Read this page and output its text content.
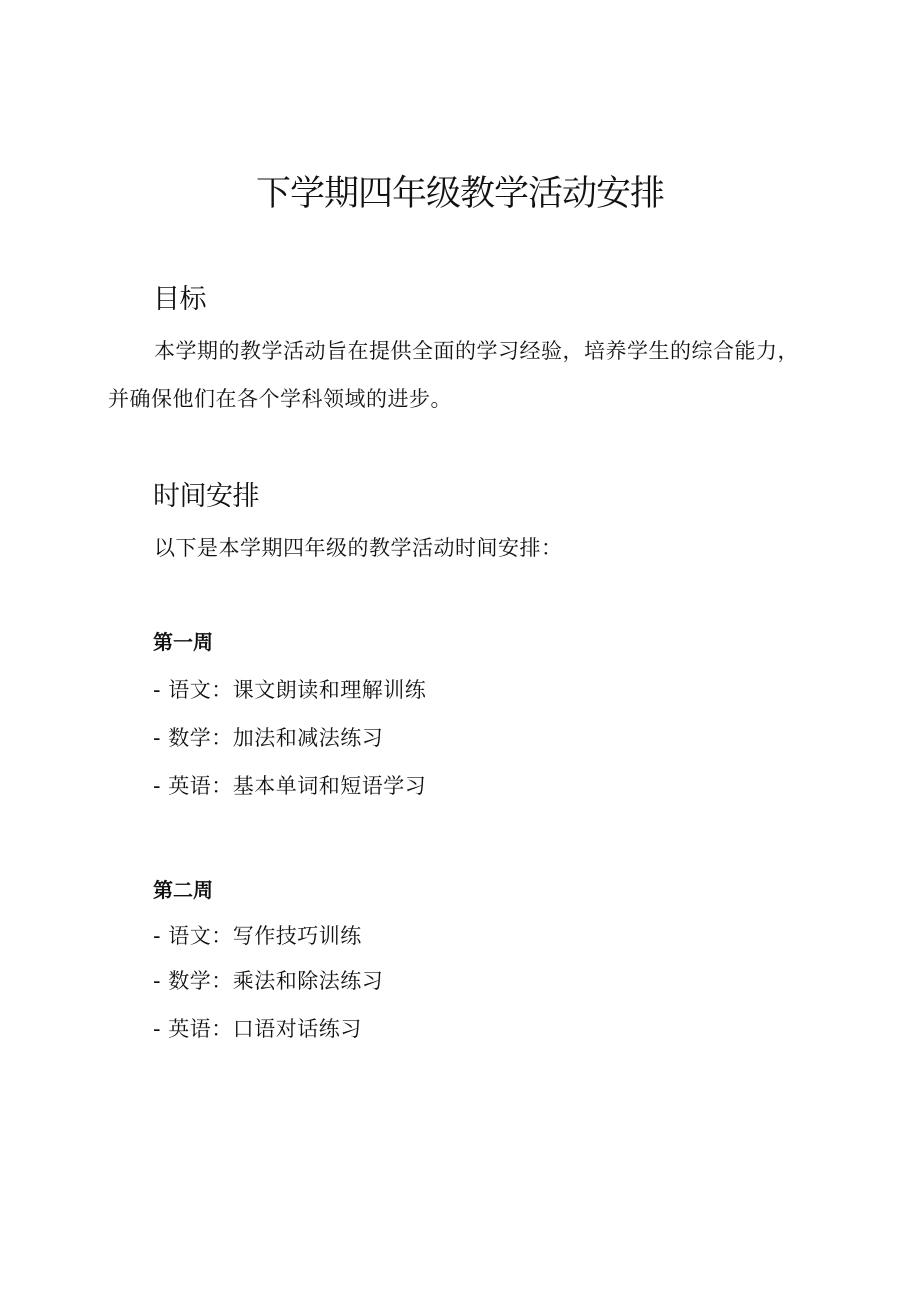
下学期四年级教学活动安排
目标

本学期的教学活动旨在提供全面的学习经验，培养学生的综合能力，并确保他们在各个学科领域的进步。

时间安排

以下是本学期四年级的教学活动时间安排：

第一周

- 语文：课文朗读和理解训练

- 数学：加法和减法练习

- 英语：基本单词和短语学习

第二周

- 语文：写作技巧训练

- 数学：乘法和除法练习

- 英语：口语对话练习
